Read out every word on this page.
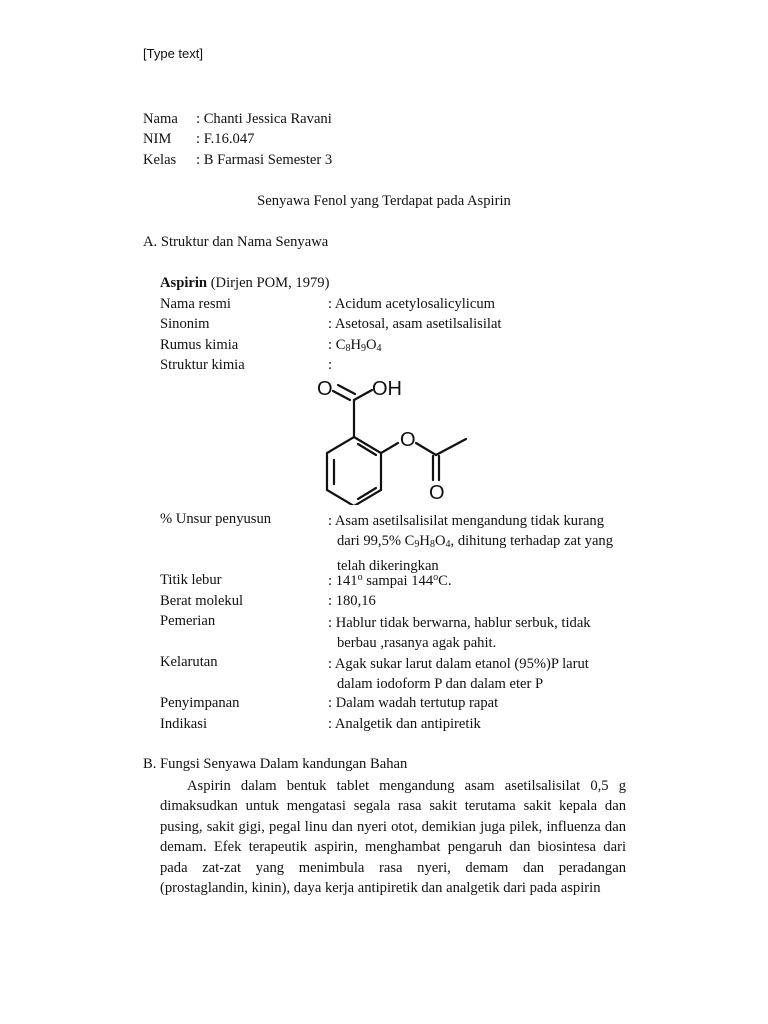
[Type text]
Nama : Chanti Jessica Ravani
NIM : F.16.047
Kelas : B Farmasi Semester 3
Senyawa Fenol yang Terdapat pada Aspirin
A. Struktur dan Nama Senyawa
Aspirin (Dirjen POM, 1979)
Nama resmi	: Acidum acetylosalicylicum
Sinonim	: Asetosal, asam asetilsalisilat
Rumus kimia	: $C_8H_9O_4$
Struktur kimia	:
O OH
O
O
% Unsur penyusun	: Asam asetilsalisilat mengandung tidak kurang
dari 99,5% $C_9H_8O_4$, dihitung terhadap zat yang
telah dikeringkan
Titik lebur	: 141$^o$ sampai 144$^o$C.
Berat molekul	: 180,16
Pemerian	: Hablur tidak berwarna, hablur serbuk, tidak
berbau ,rasanya agak pahit.
Kelarutan	: Agak sukar larut dalam etanol (95%)P larut
dalam iodoform P dan dalam eter P
Penyimpanan	: Dalam wadah tertutup rapat
Indikasi	: Analgetik dan antipiretik
B. Fungsi Senyawa Dalam kandungan Bahan
Aspirin dalam bentuk tablet mengandung asam asetilsalisilat 0,5 g dimaksudkan untuk mengatasi segala rasa sakit terutama sakit kepala dan pusing, sakit gigi, pegal linu dan nyeri otot, demikian juga pilek, influenza dan demam. Efek terapeutik aspirin, menghambat pengaruh dan biosintesa dari pada zat-zat yang menimbula rasa nyeri, demam dan peradangan (prostaglandin, kinin), daya kerja antipiretik dan analgetik dari pada aspirin
